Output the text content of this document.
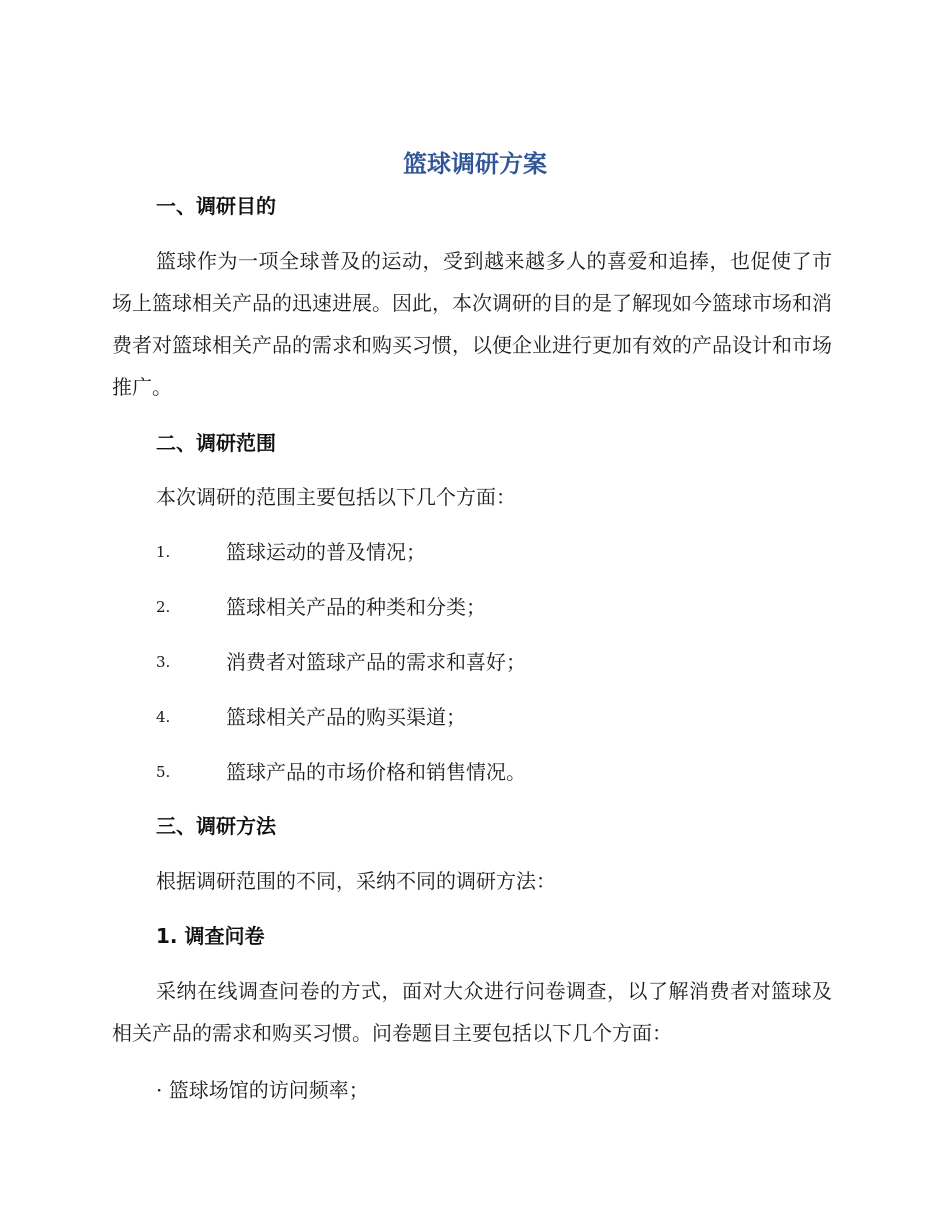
篮球调研方案
一、调研目的

篮球作为一项全球普及的运动，受到越来越多人的喜爱和追捧，也促使了市场上篮球相关产品的迅速进展。因此，本次调研的目的是了解现如今篮球市场和消费者对篮球相关产品的需求和购买习惯，以便企业进行更加有效的产品设计和市场推广。

二、调研范围
本次调研的范围主要包括以下几个方面：
1.	篮球运动的普及情况；
2.	篮球相关产品的种类和分类；
3.	消费者对篮球产品的需求和喜好；
4.	篮球相关产品的购买渠道；
5.	篮球产品的市场价格和销售情况。
三、调研方法
根据调研范围的不同，采纳不同的调研方法：
1. 调查问卷

采纳在线调查问卷的方式，面对大众进行问卷调查，以了解消费者对篮球及相关产品的需求和购买习惯。问卷题目主要包括以下几个方面：

· 篮球场馆的访问频率；
